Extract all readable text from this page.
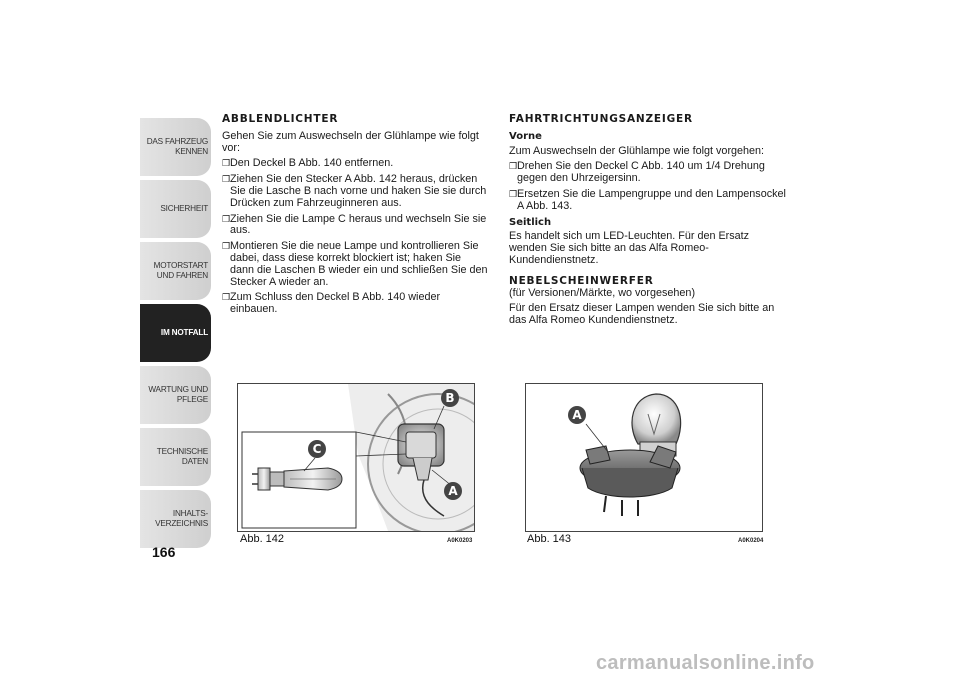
DAS FAHRZEUG KENNEN
SICHERHEIT
MOTORSTART UND FAHREN
IM NOTFALL
WARTUNG UND PFLEGE
TECHNISCHE DATEN
INHALTS-VERZEICHNIS
166
ABBLENDLICHTER

Gehen Sie zum Auswechseln der Glühlampe wie folgt vor:

❒ Den Deckel B Abb. 140 entfernen.
❒ Ziehen Sie den Stecker A Abb. 142 heraus, drücken Sie die Lasche B nach vorne und haken Sie sie durch Drücken zum Fahrzeuginneren aus.
❒ Ziehen Sie die Lampe C heraus und wechseln Sie sie aus.
❒ Montieren Sie die neue Lampe und kontrollieren Sie dabei, dass diese korrekt blockiert ist; haken Sie dann die Laschen B wieder ein und schließen Sie den Stecker A wieder an.
❒ Zum Schluss den Deckel B Abb. 140 wieder einbauen.
FAHRTRICHTUNGSANZEIGER
Vorne

Zum Auswechseln der Glühlampe wie folgt vorgehen:

❒ Drehen Sie den Deckel C Abb. 140 um 1/4 Drehung gegen den Uhrzeigersinn.
❒ Ersetzen Sie die Lampengruppe und den Lampensockel A Abb. 143.
Seitlich

Es handelt sich um LED-Leuchten. Für den Ersatz wenden Sie sich bitte an das Alfa Romeo-Kundendienstnetz.

NEBELSCHEINWERFER

(für Versionen/Märkte, wo vorgesehen)

Für den Ersatz dieser Lampen wenden Sie sich bitte an das Alfa Romeo Kundendienstnetz.

B
C
A
Abb. 142	A0K0203
A
Abb. 143	A0K0204
carmanualsonline.info
